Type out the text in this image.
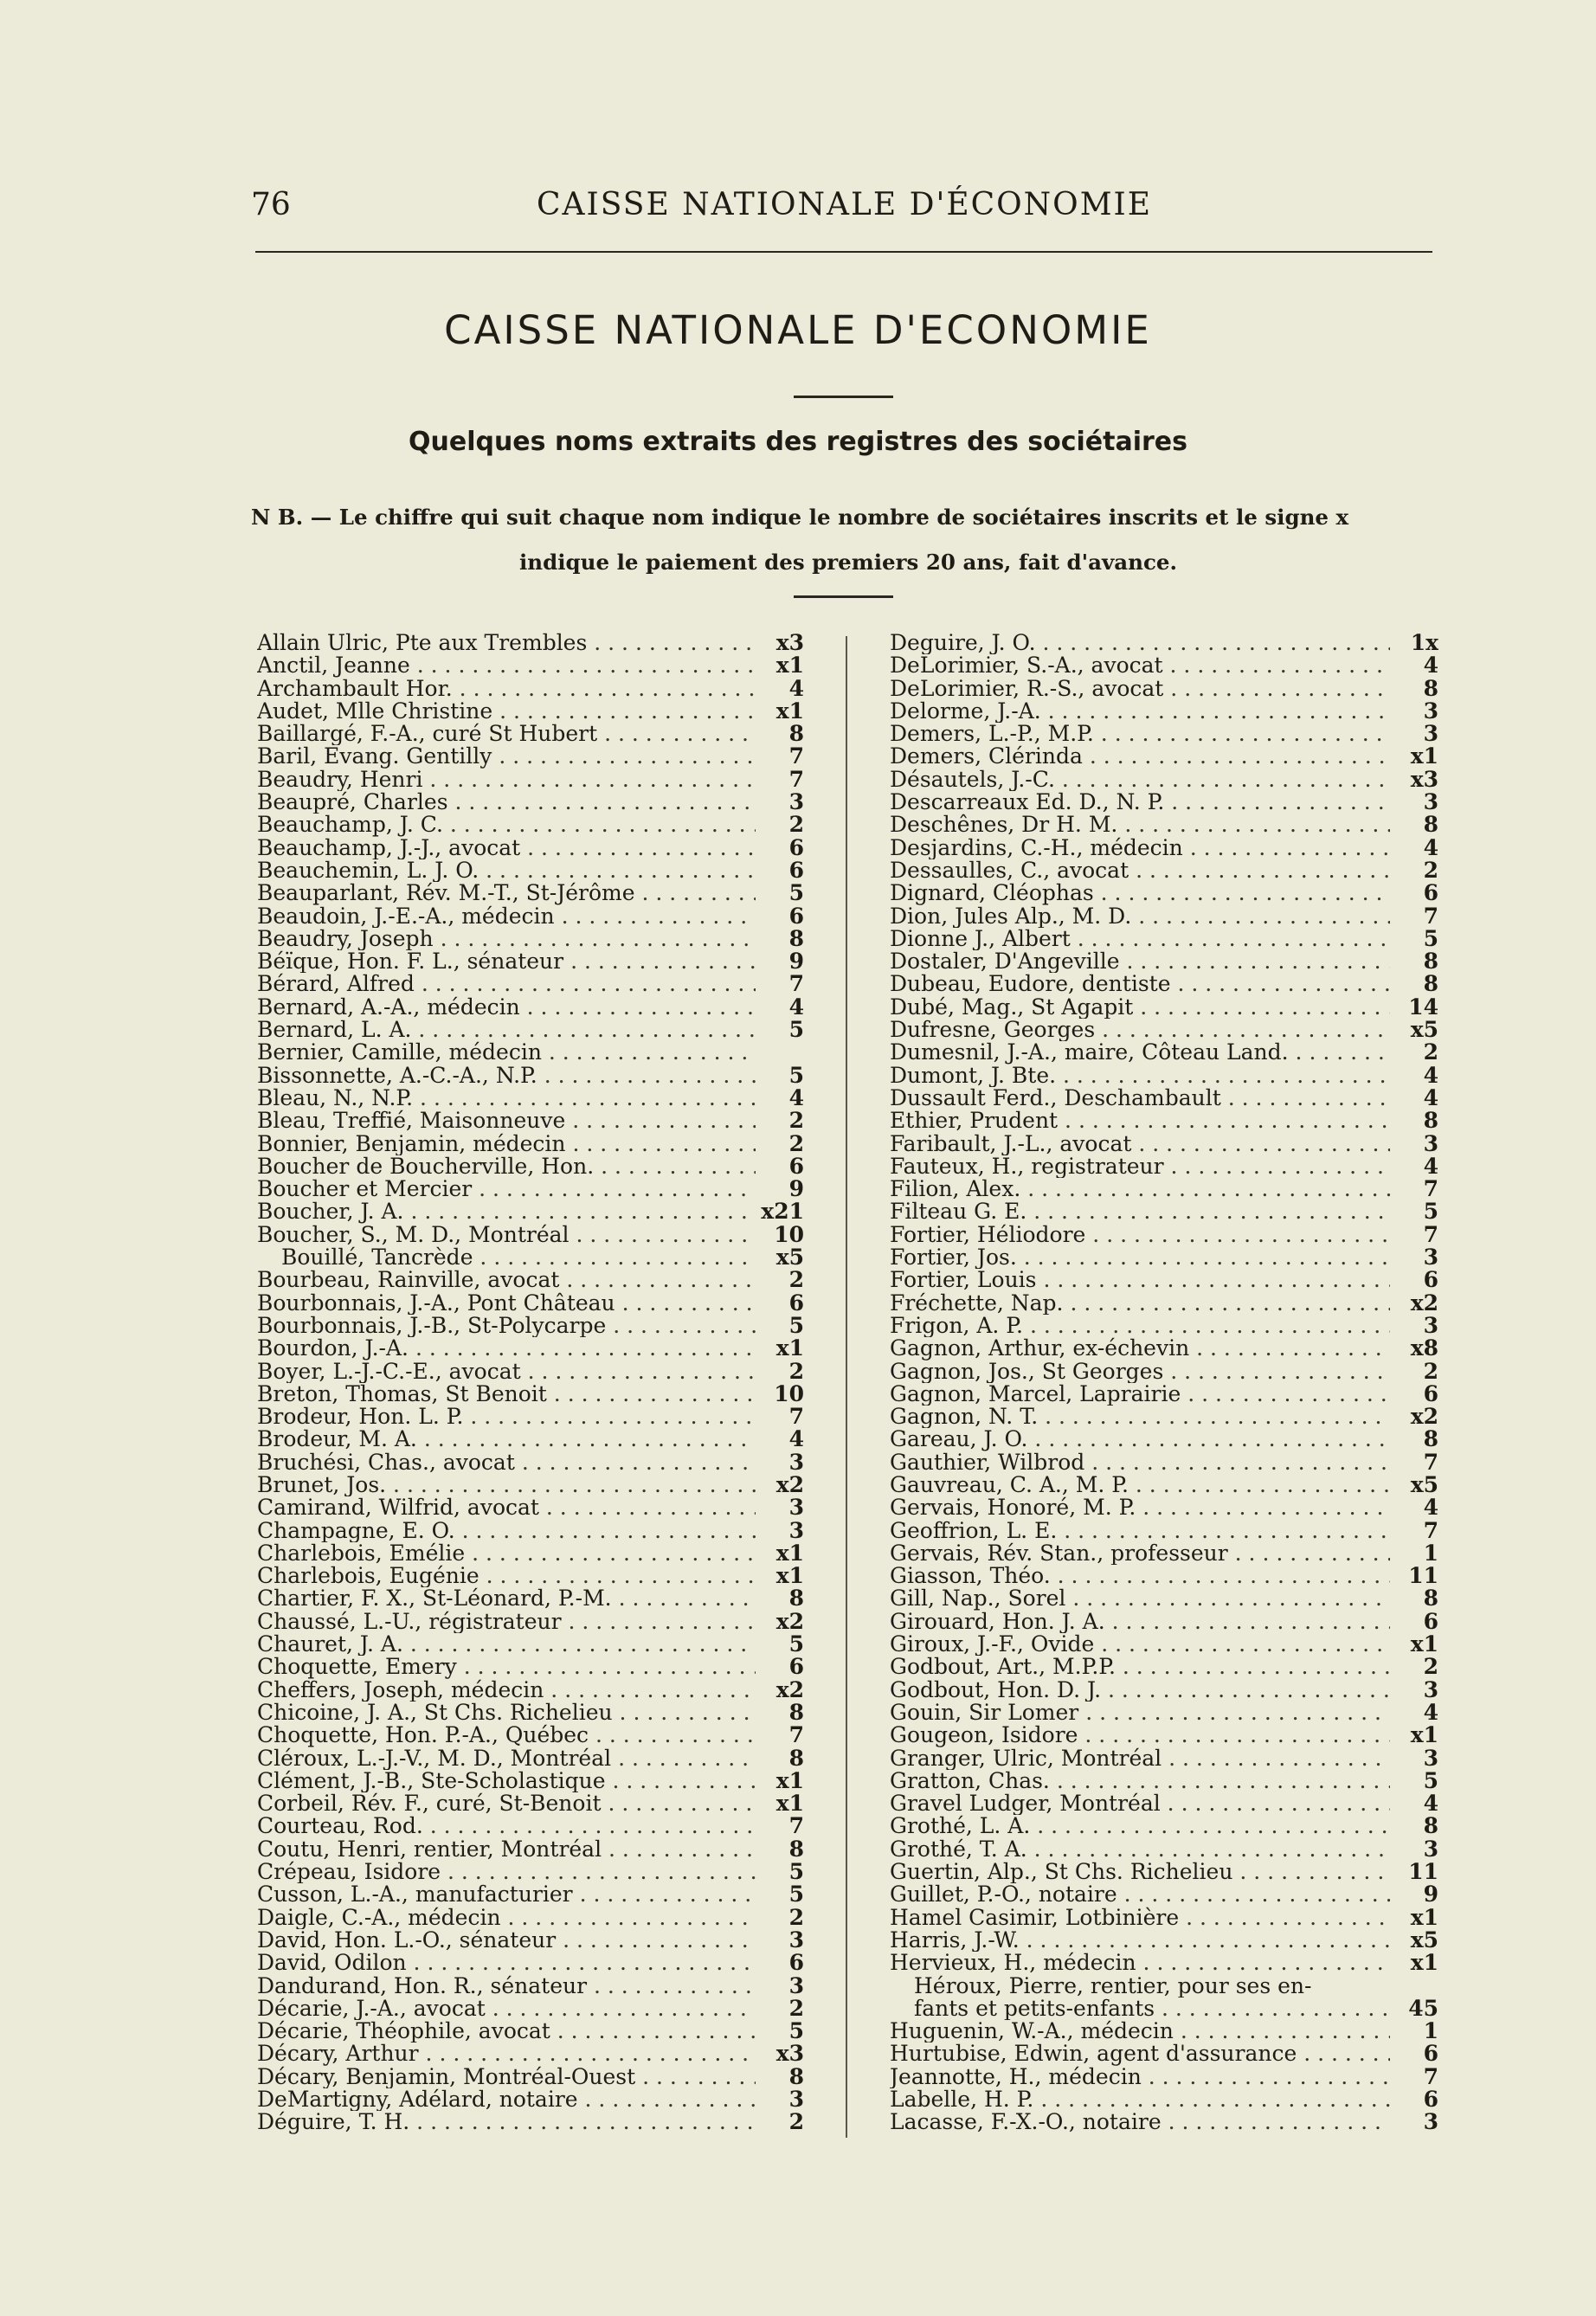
76	CAISSE NATIONALE D'ÉCONOMIE
CAISSE NATIONALE D'ECONOMIE
Quelques noms extraits des registres des sociétaires
N B. — Le chiffre qui suit chaque nom indique le nombre de sociétaires inscrits et le signe x
indique le paiement des premiers 20 ans, fait d'avance.
Allain Ulric, Pte aux Trembles . . .	x3
Anctil, Jeanne . . .	x1
Archambault Hor. . . .	4
Audet, Mlle Christine . . .	x1
Baillargé, F.-A., curé St Hubert . . .	8
Baril, Evang. Gentilly . . .	7
Beaudry, Henri . . .	7
Beaupré, Charles . . .	3
Beauchamp, J. C. . . .	2
Beauchamp, J.-J., avocat . . .	6
Beauchemin, L. J. O. . . .	6
Beauparlant, Rév. M.-T., St-Jérôme . . .	5
Beaudoin, J.-E.-A., médecin . . .	6
Beaudry, Joseph . . .	8
Béïque, Hon. F. L., sénateur . . .	9
Bérard, Alfred . . .	7
Bernard, A.-A., médecin . . .	4
Bernard, L. A. . . .	5
Bernier, Camille, médecin . . .
Bissonnette, A.-C.-A., N.P. . . .	5
Bleau, N., N.P. . . .	4
Bleau, Treffié, Maisonneuve . . .	2
Bonnier, Benjamin, médecin . . .	2
Boucher de Boucherville, Hon. . . .	6
Boucher et Mercier . . .	9
Boucher, J. A. . . .	x21
Boucher, S., M. D., Montréal . . .	10
Bouillé, Tancrède . . .	x5
Bourbeau, Rainville, avocat . . .	2
Bourbonnais, J.-A., Pont Château . . .	6
Bourbonnais, J.-B., St-Polycarpe . . .	5
Bourdon, J.-A. . . .	x1
Boyer, L.-J.-C.-E., avocat . . .	2
Breton, Thomas, St Benoit . . .	10
Brodeur, Hon. L. P. . . .	7
Brodeur, M. A. . . .	4
Bruchési, Chas., avocat . . .	3
Brunet, Jos. . . .	x2
Camirand, Wilfrid, avocat . . .	3
Champagne, E. O. . . .	3
Charlebois, Emélie . . .	x1
Charlebois, Eugénie . . .	x1
Chartier, F. X., St-Léonard, P.-M. . . .	8
Chaussé, L.-U., régistrateur . . .	x2
Chauret, J. A. . . .	5
Choquette, Emery . . .	6
Cheffers, Joseph, médecin . . .	x2
Chicoine, J. A., St Chs. Richelieu . . .	8
Choquette, Hon. P.-A., Québec . . .	7
Cléroux, L.-J.-V., M. D., Montréal . . .	8
Clément, J.-B., Ste-Scholastique . . .	x1
Corbeil, Rév. F., curé, St-Benoit . . .	x1
Courteau, Rod. . . .	7
Coutu, Henri, rentier, Montréal . . .	8
Crépeau, Isidore . . .	5
Cusson, L.-A., manufacturier . . .	5
Daigle, C.-A., médecin . . .	2
David, Hon. L.-O., sénateur . . .	3
David, Odilon . . .	6
Dandurand, Hon. R., sénateur . . .	3
Décarie, J.-A., avocat . . .	2
Décarie, Théophile, avocat . . .	5
Décary, Arthur . . .	x3
Décary, Benjamin, Montréal-Ouest . . .	8
DeMartigny, Adélard, notaire . . .	3
Déguire, T. H. . . .	2
Deguire, J. O. . . .	1x
DeLorimier, S.-A., avocat . . .	4
DeLorimier, R.-S., avocat . . .	8
Delorme, J.-A. . . .	3
Demers, L.-P., M.P. . . .	3
Demers, Clérinda . . .	x1
Désautels, J.-C. . . .	x3
Descarreaux Ed. D., N. P. . . .	3
Deschênes, Dr H. M. . . .	8
Desjardins, C.-H., médecin . . .	4
Dessaulles, C., avocat . . .	2
Dignard, Cléophas . . .	6
Dion, Jules Alp., M. D. . . .	7
Dionne J., Albert . . .	5
Dostaler, D'Angeville . . .	8
Dubeau, Eudore, dentiste . . .	8
Dubé, Mag., St Agapit . . .	14
Dufresne, Georges . . .	x5
Dumesnil, J.-A., maire, Côteau Land. . . .	2
Dumont, J. Bte. . . .	4
Dussault Ferd., Deschambault . . .	4
Ethier, Prudent . . .	8
Faribault, J.-L., avocat . . .	3
Fauteux, H., registrateur . . .	4
Filion, Alex. . . .	7
Filteau G. E. . . .	5
Fortier, Héliodore . . .	7
Fortier, Jos. . . .	3
Fortier, Louis . . .	6
Fréchette, Nap. . . .	x2
Frigon, A. P. . . .	3
Gagnon, Arthur, ex-échevin . . .	x8
Gagnon, Jos., St Georges . . .	2
Gagnon, Marcel, Laprairie . . .	6
Gagnon, N. T. . . .	x2
Gareau, J. O. . . .	8
Gauthier, Wilbrod . . .	7
Gauvreau, C. A., M. P. . . .	x5
Gervais, Honoré, M. P. . . .	4
Geoffrion, L. E. . . .	7
Gervais, Rév. Stan., professeur . . .	1
Giasson, Théo. . . .	11
Gill, Nap., Sorel . . .	8
Girouard, Hon. J. A. . . .	6
Giroux, J.-F., Ovide . . .	x1
Godbout, Art., M.P.P. . . .	2
Godbout, Hon. D. J. . . .	3
Gouin, Sir Lomer . . .	4
Gougeon, Isidore . . .	x1
Granger, Ulric, Montréal . . .	3
Gratton, Chas. . . .	5
Gravel Ludger, Montréal . . .	4
Grothé, L. A. . . .	8
Grothé, T. A. . . .	3
Guertin, Alp., St Chs. Richelieu . . .	11
Guillet, P.-O., notaire . . .	9
Hamel Casimir, Lotbinière . . .	x1
Harris, J.-W. . . .	x5
Hervieux, H., médecin . . .	x1
Héroux, Pierre, rentier, pour ses en-
fants et petits-enfants . . .	45
Huguenin, W.-A., médecin . . .	1
Hurtubise, Edwin, agent d'assurance . . .	6
Jeannotte, H., médecin . . .	7
Labelle, H. P. . . .	6
Lacasse, F.-X.-O., notaire . . .	3
